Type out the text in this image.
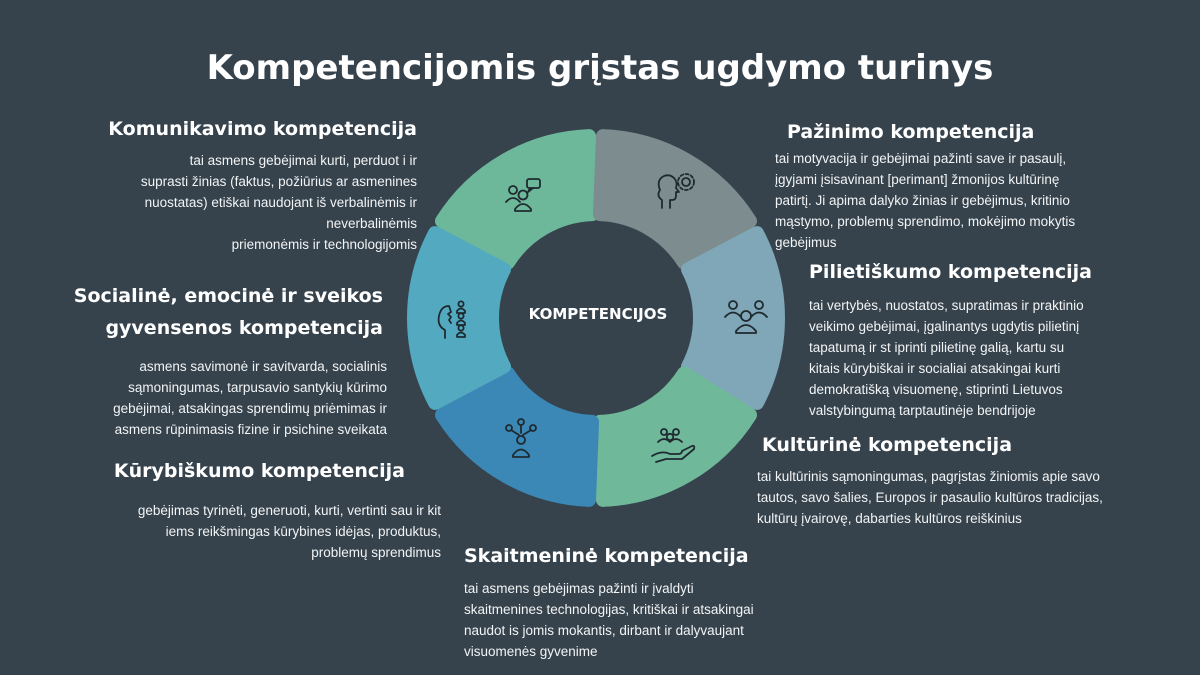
Kompetencijomis grįstas ugdymo turinys
KOMPETENCIJOS
Komunikavimo kompetencija
tai asmens gebėjimai kurti, perduot i ir
suprasti žinias (faktus, požiūrius ar asmenines
nuostatas) etiškai naudojant iš verbalinėmis ir
neverbalinėmis
priemonėmis ir technologijomis
Socialinė, emocinė ir sveikos
gyvensenos kompetencija
asmens savimonė ir savitvarda, socialinis
sąmoningumas, tarpusavio santykių kūrimo
gebėjimai, atsakingas sprendimų priėmimas ir
asmens rūpinimasis fizine ir psichine sveikata
Kūrybiškumo kompetencija
gebėjimas tyrinėti, generuoti, kurti, vertinti sau ir kit
iems reikšmingas kūrybines idėjas, produktus,
problemų sprendimus
Pažinimo kompetencija
tai motyvacija ir gebėjimai pažinti save ir pasaulį,
įgyjami įsisavinant [perimant] žmonijos kultūrinę
patirtį. Ji apima dalyko žinias ir gebėjimus, kritinio
mąstymo, problemų sprendimo, mokėjimo mokytis
gebėjimus
Pilietiškumo kompetencija
tai vertybės, nuostatos, supratimas ir praktinio
veikimo gebėjimai, įgalinantys ugdytis pilietinį
tapatumą ir st iprinti pilietinę galią, kartu su
kitais kūrybiškai ir socialiai atsakingai kurti
demokratišką visuomenę, stiprinti Lietuvos
valstybingumą tarptautinėje bendrijoje
Kultūrinė kompetencija
tai kultūrinis sąmoningumas, pagrįstas žiniomis apie savo
tautos, savo šalies, Europos ir pasaulio kultūros tradicijas,
kultūrų įvairovę, dabarties kultūros reiškinius
Skaitmeninė kompetencija
tai asmens gebėjimas pažinti ir įvaldyti
skaitmenines technologijas, kritiškai ir atsakingai
naudot is jomis mokantis, dirbant ir dalyvaujant
visuomenės gyvenime
